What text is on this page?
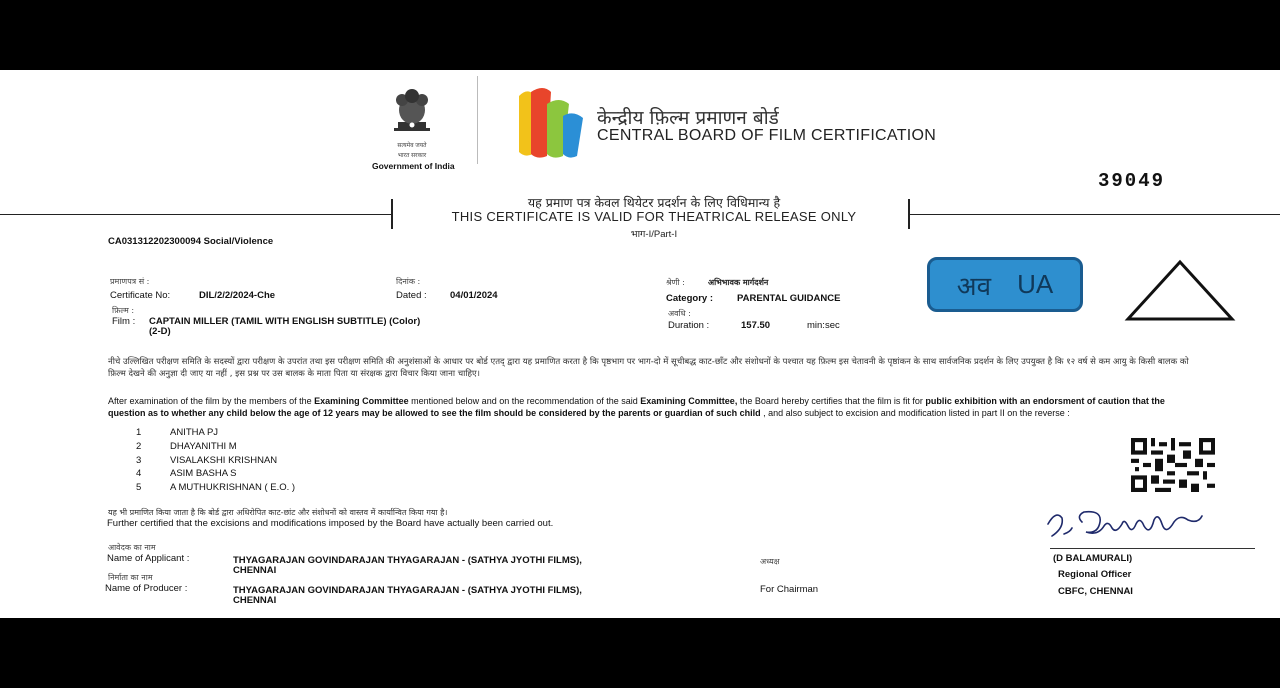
सत्यमेव जयते
भारत सरकार
Government of India
केन्द्रीय फ़िल्म प्रमाणन बोर्ड
CENTRAL BOARD OF FILM CERTIFICATION
39049
यह प्रमाण पत्र केवल थियेटर प्रदर्शन के लिए विधिमान्य है
THIS CERTIFICATE IS VALID FOR THEATRICAL RELEASE ONLY
भाग-I/Part-I
CA031312202300094 Social/Violence
प्रमाणपत्र सं :
Certificate No:	DIL/2/2/2024-Che
दिनांक :
Dated : 04/01/2024
फ़िल्म :
Film : CAPTAIN MILLER (TAMIL WITH ENGLISH SUBTITLE) (Color)
(2-D)
श्रेणी :	अभिभावक मार्गदर्शन
Category :	PARENTAL GUIDANCE
अवधि :
Duration :	157.50	min:sec
अव UA
नीचे उल्लिखित परीक्षण समिति के सदस्यों द्वारा परीक्षण के उपरांत तथा इस परीक्षण समिति की अनुशंसाओं के आधार पर बोर्ड एतद् द्वारा यह प्रमाणित करता है कि पृष्ठभाग पर भाग-दो में सूचीबद्ध काट-छाँट और संशोधनों के पश्चात यह फ़िल्म इस चेतावनी के पृष्ठांकन के साथ सार्वजनिक प्रदर्शन के लिए उपयुक्त है कि १२ वर्ष से कम आयु के किसी बालक को फ़िल्म देखने की अनुज्ञा दी जाए या नहीं , इस प्रश्न पर उस बालक के माता पिता या संरक्षक द्वारा विचार किया जाना चाहिए।
After examination of the film by the members of the Examining Committee mentioned below and on the recommendation of the said Examining Committee, the Board hereby certifies that the film is fit for public exhibition with an endorsment of caution that the question as to whether any child below the age of 12 years may be allowed to see the film should be considered by the parents or guardian of such child , and also subject to excision and modification listed in part II on the reverse :
1	ANITHA PJ
2	DHAYANITHI M
3	VISALAKSHI KRISHNAN
4	ASIM BASHA S
5	A MUTHUKRISHNAN ( E.O. )
यह भी प्रमाणित किया जाता है कि बोर्ड द्वारा अधिरोपित काट-छांट और संशोधनों को वास्तव में कार्यान्वित किया गया है।
Further certified that the excisions and modifications imposed by the Board have actually been carried out.
आवेदक का नाम
Name of Applicant :	THYAGARAJAN GOVINDARAJAN THYAGARAJAN - (SATHYA JYOTHI FILMS),
CHENNAI
निर्माता का नाम
Name of Producer :	THYAGARAJAN GOVINDARAJAN THYAGARAJAN - (SATHYA JYOTHI FILMS),
CHENNAI
अध्यक्ष
For Chairman
(D BALAMURALI)
Regional Officer
CBFC, CHENNAI
